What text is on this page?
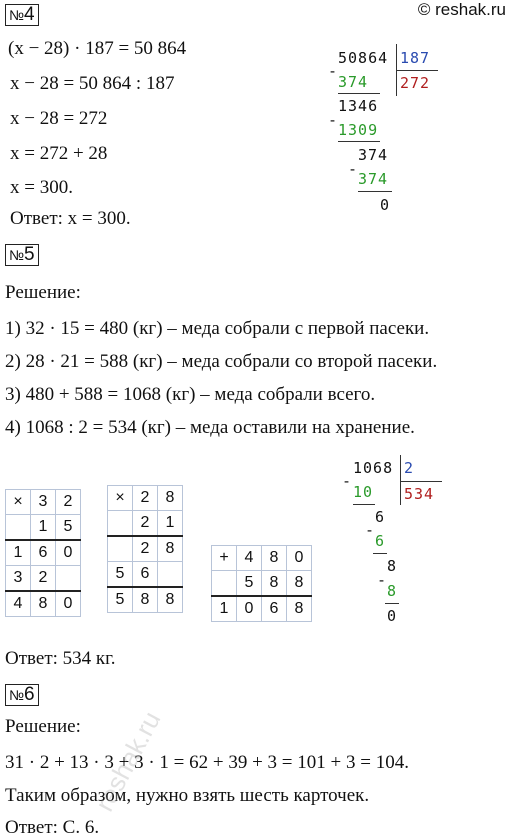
© reshak.ru
№4
(x − 28) · 187 = 50 864
x − 28 = 50 864 : 187
x − 28 = 272
x = 272 + 28
x = 300.
Ответ: x = 300.
50864 187
272
-
374
1346
-
1309
374
-
374
0
№5
Решение:
1) 32 · 15 = 480 (кг) – меда собрали с первой пасеки.
2) 28 · 21 = 588 (кг) – меда собрали со второй пасеки.
3) 480 + 588 = 1068 (кг) – меда собрали всего.
4) 1068 : 2 = 534 (кг) – меда оставили на хранение.
×	3	2
	1	5
1	6	0
3	2	
4	8	0
×	2	8
	2	1
	2	8
5	6	
5	8	8
+	4	8	0
	5	8	8
1	0	6	8
1068 2
534
-
10
6
-
6
8
-
8
0
Ответ: 534 кг.
№6
Решение:
31 · 2 + 13 · 3 + 3 · 1 = 62 + 39 + 3 = 101 + 3 = 104.
Таким образом, нужно взять шесть карточек.
Ответ: C. 6.
reshak.ru
